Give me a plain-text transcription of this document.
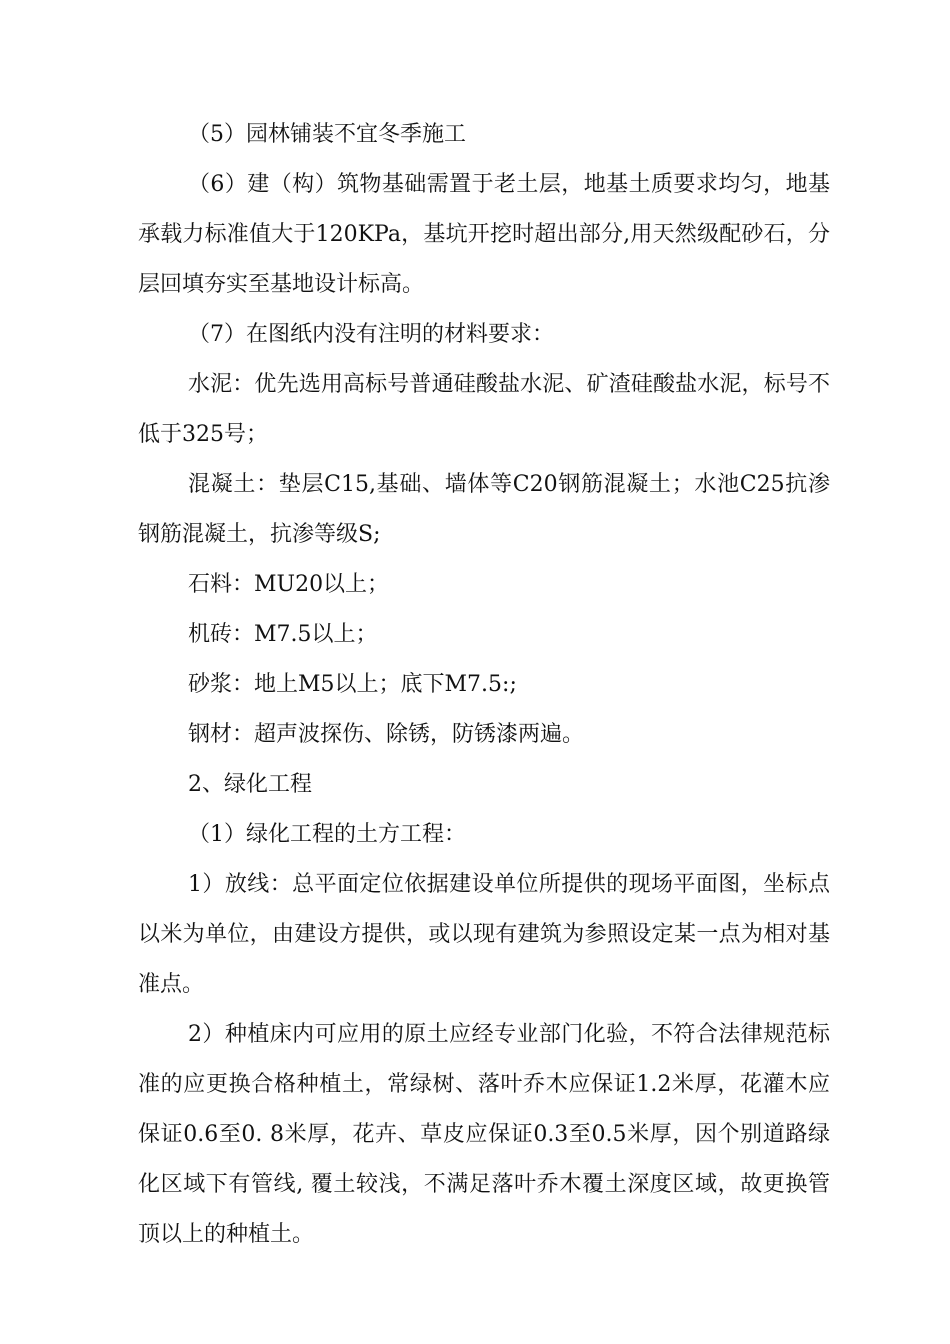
（5）园林铺装不宜冬季施工

（6）建（构）筑物基础需置于老土层，地基土质要求均匀，地基承载力标准值大于120KPa，基坑开挖时超出部分,用天然级配砂石，分层回填夯实至基地设计标高。

（7）在图纸内没有注明的材料要求：

水泥：优先选用高标号普通硅酸盐水泥、矿渣硅酸盐水泥，标号不低于325号；

混凝土：垫层C15,基础、墙体等C20钢筋混凝土；水池C25抗渗钢筋混凝土，抗渗等级S;

石料：MU20以上；

机砖：M7.5以上；

砂浆：地上M5以上；底下M7.5:;

钢材：超声波探伤、除锈，防锈漆两遍。

2、绿化工程

（1）绿化工程的土方工程：

1）放线：总平面定位依据建设单位所提供的现场平面图，坐标点以米为单位，由建设方提供，或以现有建筑为参照设定某一点为相对基准点。

2）种植床内可应用的原土应经专业部门化验，不符合法律规范标准的应更换合格种植土，常绿树、落叶乔木应保证1.2米厚，花灌木应保证0.6至0. 8米厚，花卉、草皮应保证0.3至0.5米厚，因个别道路绿化区域下有管线, 覆土较浅，不满足落叶乔木覆土深度区域，故更换管顶以上的种植土。
